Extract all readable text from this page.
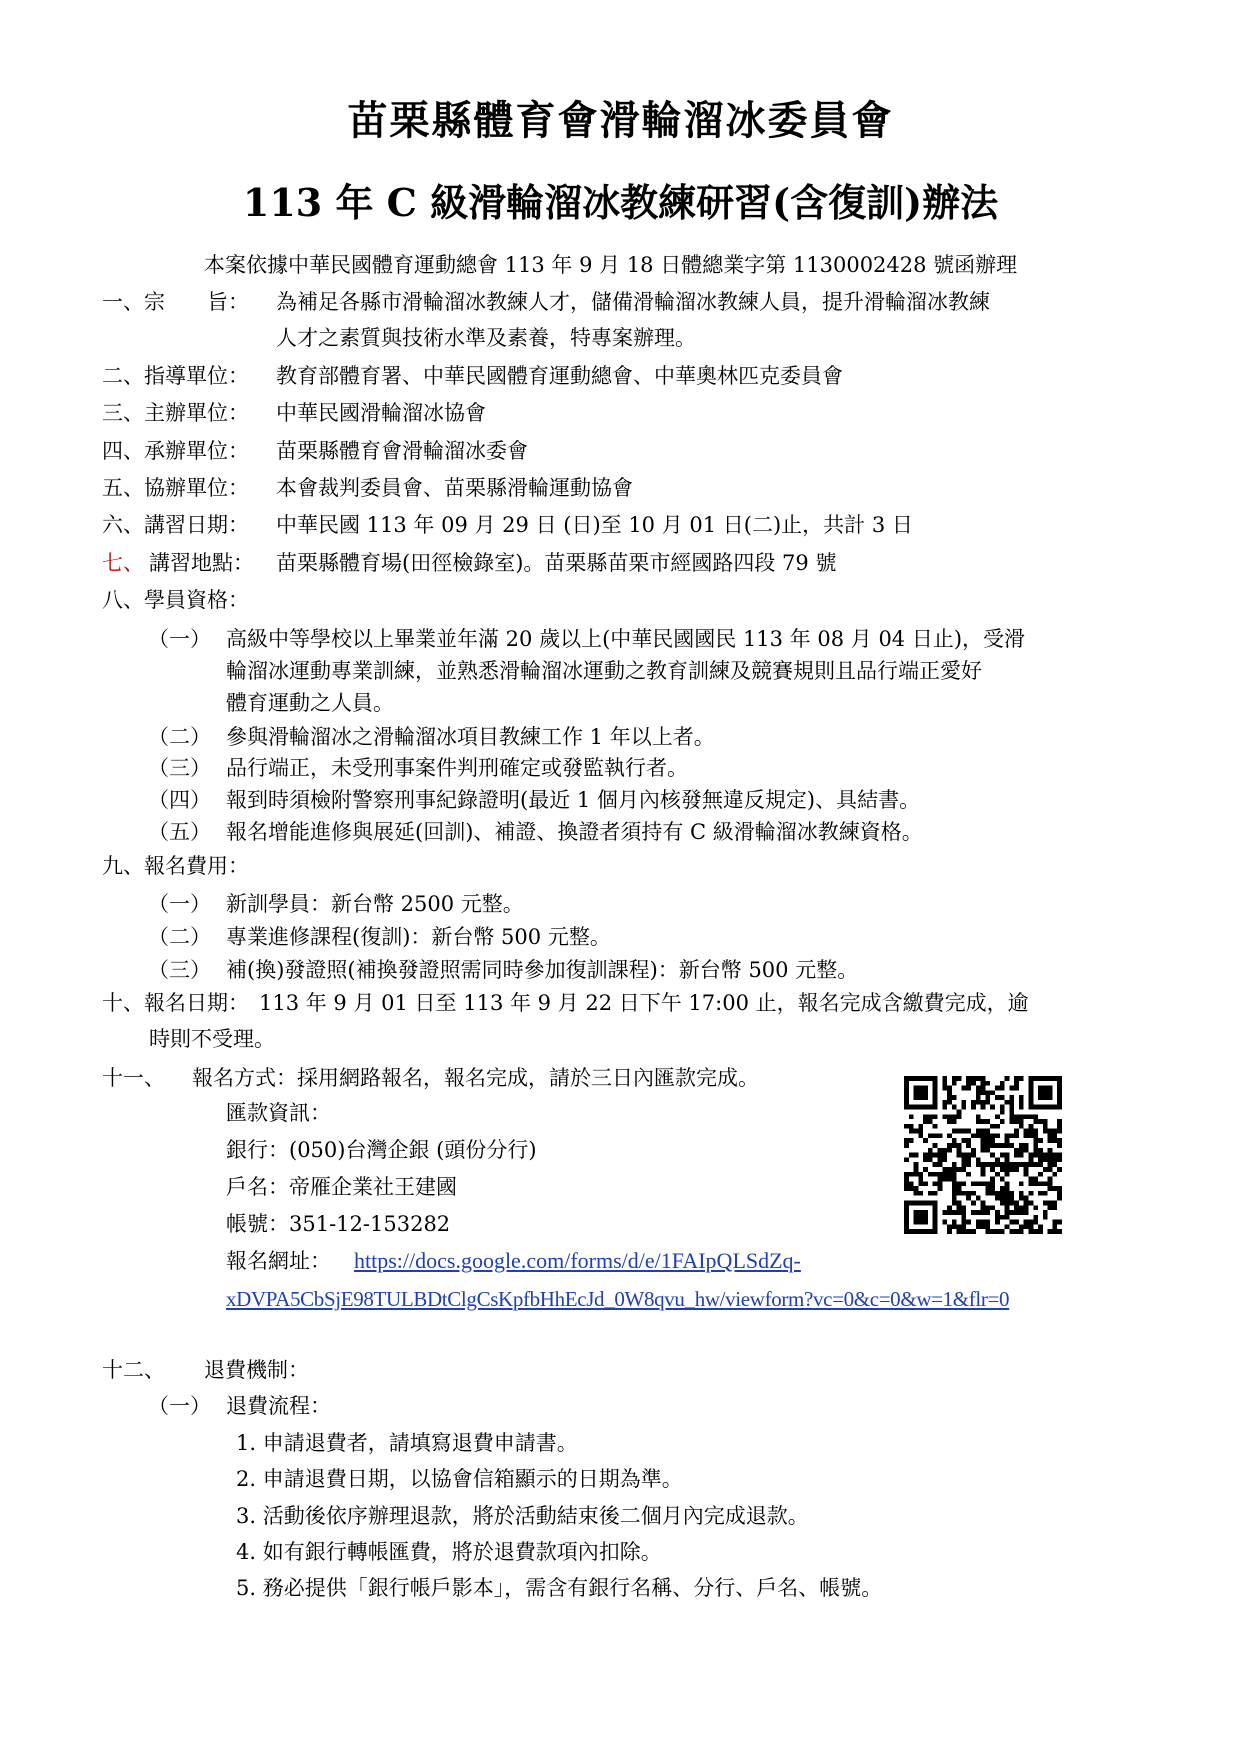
苗栗縣體育會滑輪溜冰委員會
113 年 C 級滑輪溜冰教練研習(含復訓)辦法
本案依據中華民國體育運動總會 113 年 9 月 18 日體總業字第 1130002428 號函辦理
一、宗　　旨： 為補足各縣市滑輪溜冰教練人才，儲備滑輪溜冰教練人員，提升滑輪溜冰教練
人才之素質與技術水準及素養，特專案辦理。
二、指導單位： 教育部體育署、中華民國體育運動總會、中華奧林匹克委員會
三、主辦單位： 中華民國滑輪溜冰協會
四、承辦單位： 苗栗縣體育會滑輪溜冰委會
五、協辦單位： 本會裁判委員會、苗栗縣滑輪運動協會
六、講習日期： 中華民國 113 年 09 月 29 日 (日)至 10 月 01 日(二)止，共計 3 日
七、 講習地點： 苗栗縣體育場(田徑檢錄室)。苗栗縣苗栗市經國路四段 79 號
八、學員資格：
（一） 高級中等學校以上畢業並年滿 20 歲以上(中華民國國民 113 年 08 月 04 日止)，受滑
輪溜冰運動專業訓練，並熟悉滑輪溜冰運動之教育訓練及競賽規則且品行端正愛好
體育運動之人員。
（二） 參與滑輪溜冰之滑輪溜冰項目教練工作 1 年以上者。
（三） 品行端正，未受刑事案件判刑確定或發監執行者。
（四） 報到時須檢附警察刑事紀錄證明(最近 1 個月內核發無違反規定)、具結書。
（五） 報名增能進修與展延(回訓)、補證、換證者須持有 C 級滑輪溜冰教練資格。
九、報名費用：
（一） 新訓學員：新台幣 2500 元整。
（二） 專業進修課程(復訓)：新台幣 500 元整。
（三） 補(換)發證照(補換發證照需同時參加復訓課程)：新台幣 500 元整。
十、報名日期： 113 年 9 月 01 日至 113 年 9 月 22 日下午 17:00 止，報名完成含繳費完成，逾
時則不受理。
十一、 報名方式：採用網路報名，報名完成，請於三日內匯款完成。
匯款資訊：
銀行：(050)台灣企銀 (頭份分行)
戶名：帝雁企業社王建國
帳號：351-12-153282
報名網址： https://docs.google.com/forms/d/e/1FAIpQLSdZq-
xDVPA5CbSjE98TULBDtClgCsKpfbHhEcJd_0W8qvu_hw/viewform?vc=0&c=0&w=1&flr=0
十二、 退費機制：
（一） 退費流程：
1. 申請退費者，請填寫退費申請書。
2. 申請退費日期，以協會信箱顯示的日期為準。
3. 活動後依序辦理退款，將於活動結束後二個月內完成退款。
4. 如有銀行轉帳匯費，將於退費款項內扣除。
5. 務必提供「銀行帳戶影本」，需含有銀行名稱、分行、戶名、帳號。
